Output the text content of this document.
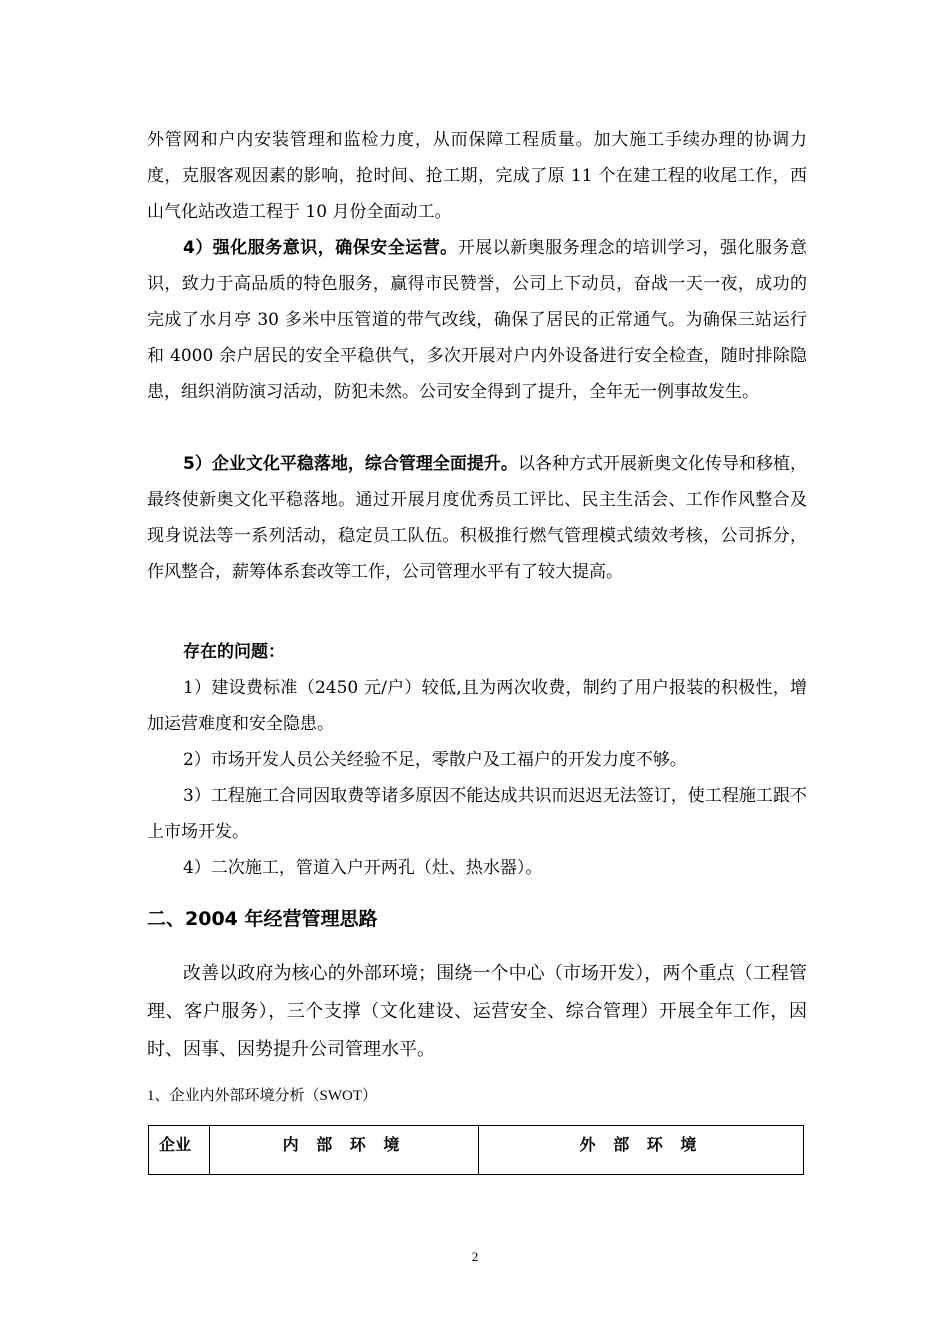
外管网和户内安装管理和监检力度，从而保障工程质量。加大施工手续办理的协调力度，克服客观因素的影响，抢时间、抢工期，完成了原 11 个在建工程的收尾工作，西山气化站改造工程于 10 月份全面动工。

4）强化服务意识，确保安全运营。开展以新奥服务理念的培训学习，强化服务意识，致力于高品质的特色服务，赢得市民赞誉，公司上下动员，奋战一天一夜，成功的完成了水月亭 30 多米中压管道的带气改线，确保了居民的正常通气。为确保三站运行和 4000 余户居民的安全平稳供气，多次开展对户内外设备进行安全检查，随时排除隐患，组织消防演习活动，防犯未然。公司安全得到了提升，全年无一例事故发生。

5）企业文化平稳落地，综合管理全面提升。以各种方式开展新奥文化传导和移植，最终使新奥文化平稳落地。通过开展月度优秀员工评比、民主生活会、工作作风整合及现身说法等一系列活动，稳定员工队伍。积极推行燃气管理模式绩效考核，公司拆分，作风整合，薪筹体系套改等工作，公司管理水平有了较大提高。

存在的问题：

1）建设费标准（2450 元/户）较低,且为两次收费，制约了用户报装的积极性，增加运营难度和安全隐患。

2）市场开发人员公关经验不足，零散户及工福户的开发力度不够。

3）工程施工合同因取费等诸多原因不能达成共识而迟迟无法签订，使工程施工跟不上市场开发。

4）二次施工，管道入户开两孔（灶、热水器）。

二、2004 年经营管理思路

改善以政府为核心的外部环境；围绕一个中心（市场开发），两个重点（工程管理、客户服务），三个支撑（文化建设、运营安全、综合管理）开展全年工作，因时、因事、因势提升公司管理水平。

1、企业内外部环境分析（SWOT）

企业	内 部 环 境	外 部 环 境
2
